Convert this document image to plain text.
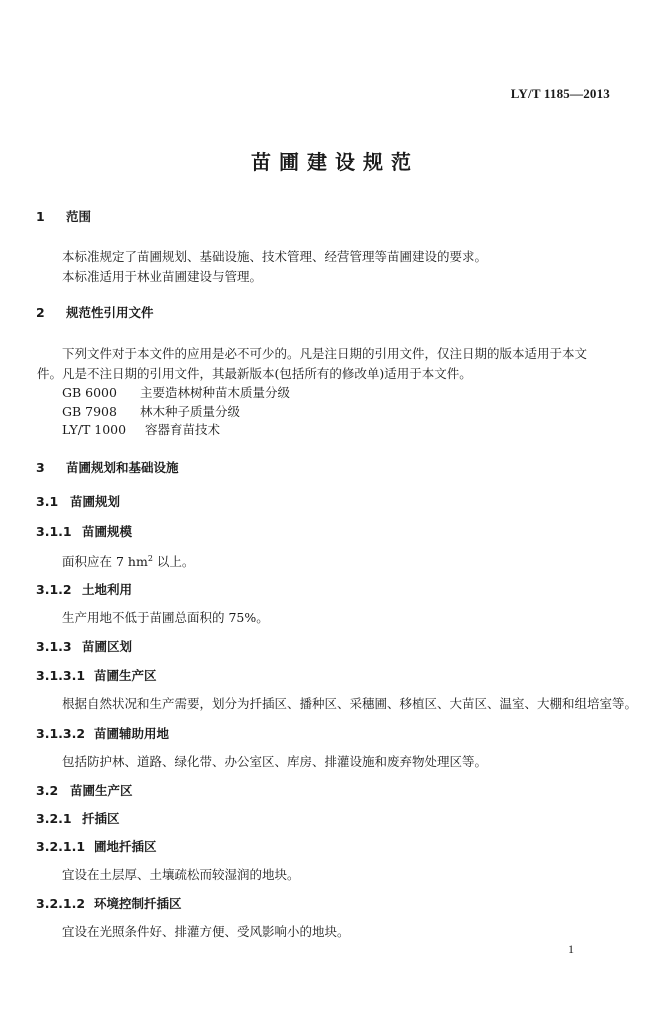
LY/T 1185—2013
苗圃建设规范
1 范围
本标准规定了苗圃规划、基础设施、技术管理、经营管理等苗圃建设的要求。
本标准适用于林业苗圃建设与管理。
2 规范性引用文件
下列文件对于本文件的应用是必不可少的。凡是注日期的引用文件，仅注日期的版本适用于本文
件。凡是不注日期的引用文件，其最新版本(包括所有的修改单)适用于本文件。
GB 6000 主要造林树种苗木质量分级
GB 7908 林木种子质量分级
LY/T 1000 容器育苗技术
3 苗圃规划和基础设施
3.1 苗圃规划
3.1.1 苗圃规模
面积应在 7 $hm^2$ 以上。
3.1.2 土地利用
生产用地不低于苗圃总面积的 75%。
3.1.3 苗圃区划
3.1.3.1 苗圃生产区
根据自然状况和生产需要，划分为扦插区、播种区、采穗圃、移植区、大苗区、温室、大棚和组培室等。
3.1.3.2 苗圃辅助用地
包括防护林、道路、绿化带、办公室区、库房、排灌设施和废弃物处理区等。
3.2 苗圃生产区
3.2.1 扦插区
3.2.1.1 圃地扦插区
宜设在土层厚、土壤疏松而较湿润的地块。
3.2.1.2 环境控制扦插区
宜设在光照条件好、排灌方便、受风影响小的地块。
1
